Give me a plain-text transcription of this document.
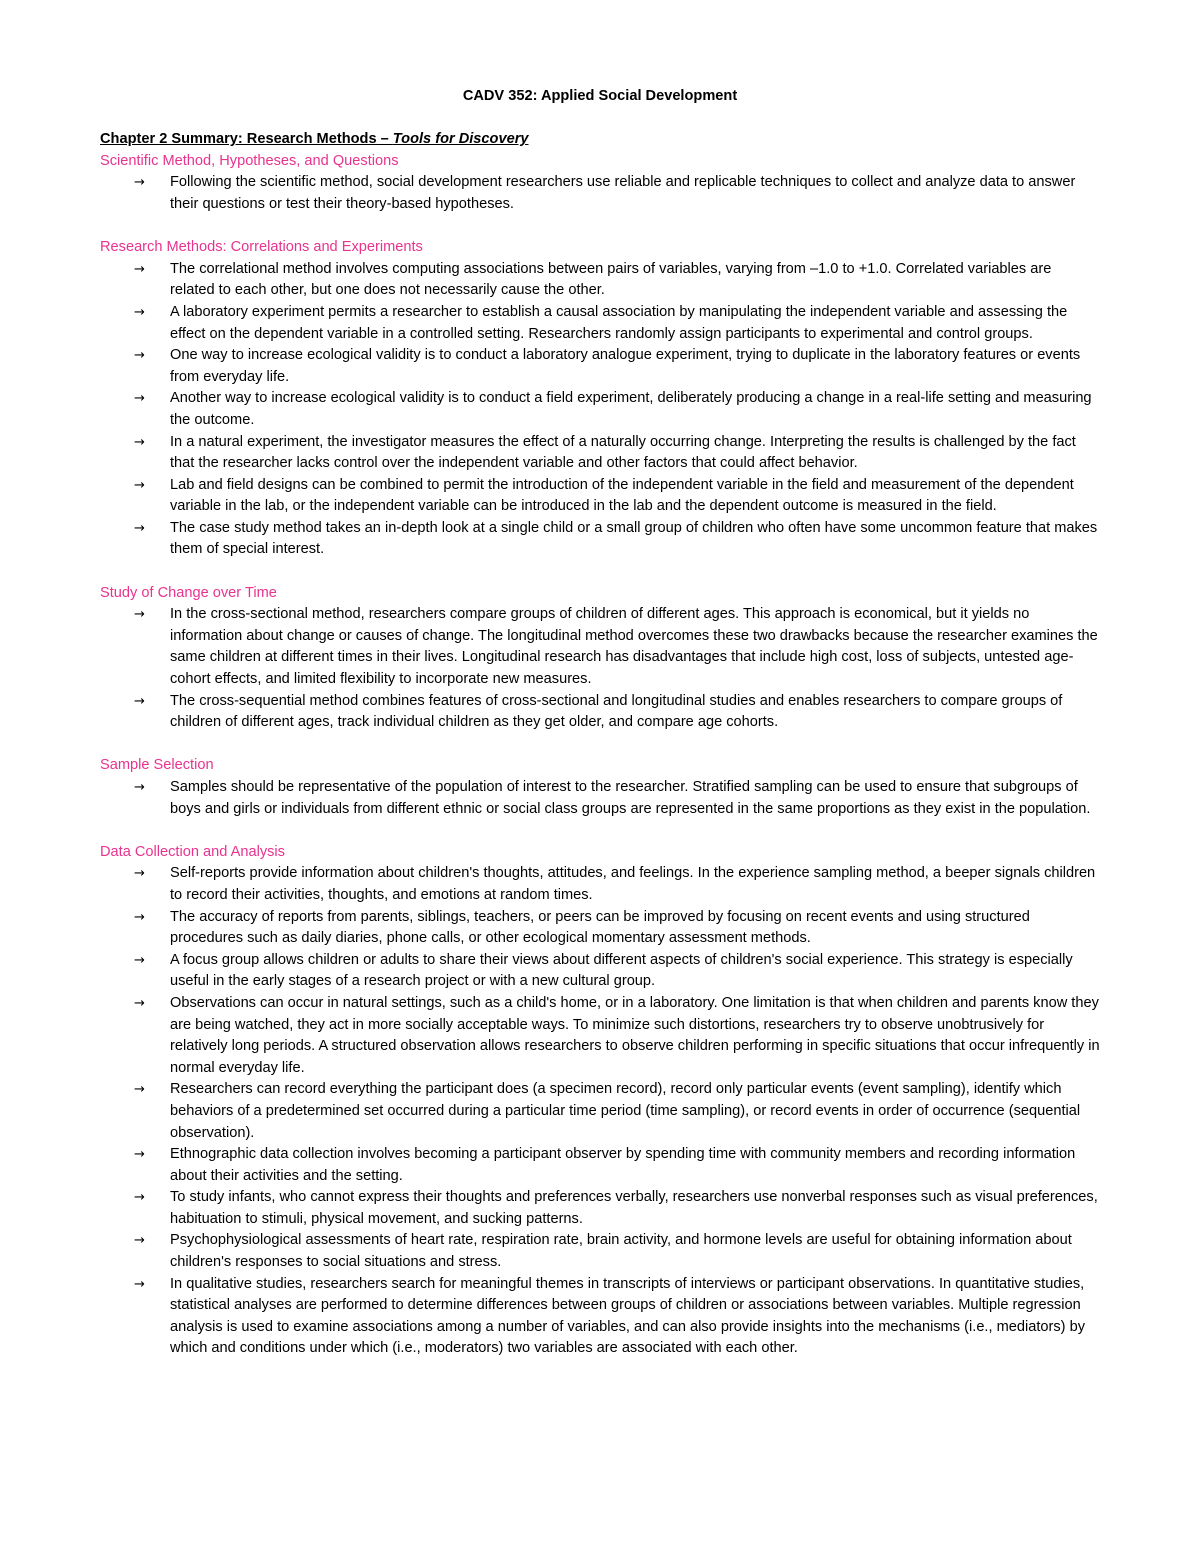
CADV 352: Applied Social Development

Chapter 2 Summary: Research Methods – Tools for Discovery

Scientific Method, Hypotheses, and Questions

→ Following the scientific method, social development researchers use reliable and replicable techniques to collect and analyze data to answer their questions or test their theory-based hypotheses.

Research Methods: Correlations and Experiments

→ The correlational method involves computing associations between pairs of variables, varying from –1.0 to +1.0. Correlated variables are related to each other, but one does not necessarily cause the other.
→ A laboratory experiment permits a researcher to establish a causal association by manipulating the independent variable and assessing the effect on the dependent variable in a controlled setting. Researchers randomly assign participants to experimental and control groups.
→ One way to increase ecological validity is to conduct a laboratory analogue experiment, trying to duplicate in the laboratory features or events from everyday life.
→ Another way to increase ecological validity is to conduct a field experiment, deliberately producing a change in a real-life setting and measuring the outcome.
→ In a natural experiment, the investigator measures the effect of a naturally occurring change. Interpreting the results is challenged by the fact that the researcher lacks control over the independent variable and other factors that could affect behavior.
→ Lab and field designs can be combined to permit the introduction of the independent variable in the field and measurement of the dependent variable in the lab, or the independent variable can be introduced in the lab and the dependent outcome is measured in the field.
→ The case study method takes an in-depth look at a single child or a small group of children who often have some uncommon feature that makes them of special interest.

Study of Change over Time

→ In the cross-sectional method, researchers compare groups of children of different ages. This approach is economical, but it yields no information about change or causes of change. The longitudinal method overcomes these two drawbacks because the researcher examines the same children at different times in their lives. Longitudinal research has disadvantages that include high cost, loss of subjects, untested age-cohort effects, and limited flexibility to incorporate new measures.
→ The cross-sequential method combines features of cross-sectional and longitudinal studies and enables researchers to compare groups of children of different ages, track individual children as they get older, and compare age cohorts.

Sample Selection

→ Samples should be representative of the population of interest to the researcher. Stratified sampling can be used to ensure that subgroups of boys and girls or individuals from different ethnic or social class groups are represented in the same proportions as they exist in the population.

Data Collection and Analysis

→ Self-reports provide information about children's thoughts, attitudes, and feelings. In the experience sampling method, a beeper signals children to record their activities, thoughts, and emotions at random times.
→ The accuracy of reports from parents, siblings, teachers, or peers can be improved by focusing on recent events and using structured procedures such as daily diaries, phone calls, or other ecological momentary assessment methods.
→ A focus group allows children or adults to share their views about different aspects of children's social experience. This strategy is especially useful in the early stages of a research project or with a new cultural group.
→ Observations can occur in natural settings, such as a child's home, or in a laboratory. One limitation is that when children and parents know they are being watched, they act in more socially acceptable ways. To minimize such distortions, researchers try to observe unobtrusively for relatively long periods. A structured observation allows researchers to observe children performing in specific situations that occur infrequently in normal everyday life.
→ Researchers can record everything the participant does (a specimen record), record only particular events (event sampling), identify which behaviors of a predetermined set occurred during a particular time period (time sampling), or record events in order of occurrence (sequential observation).
→ Ethnographic data collection involves becoming a participant observer by spending time with community members and recording information about their activities and the setting.
→ To study infants, who cannot express their thoughts and preferences verbally, researchers use nonverbal responses such as visual preferences, habituation to stimuli, physical movement, and sucking patterns.
→ Psychophysiological assessments of heart rate, respiration rate, brain activity, and hormone levels are useful for obtaining information about children's responses to social situations and stress.
→ In qualitative studies, researchers search for meaningful themes in transcripts of interviews or participant observations. In quantitative studies, statistical analyses are performed to determine differences between groups of children or associations between variables. Multiple regression analysis is used to examine associations among a number of variables, and can also provide insights into the mechanisms (i.e., mediators) by which and conditions under which (i.e., moderators) two variables are associated with each other.
